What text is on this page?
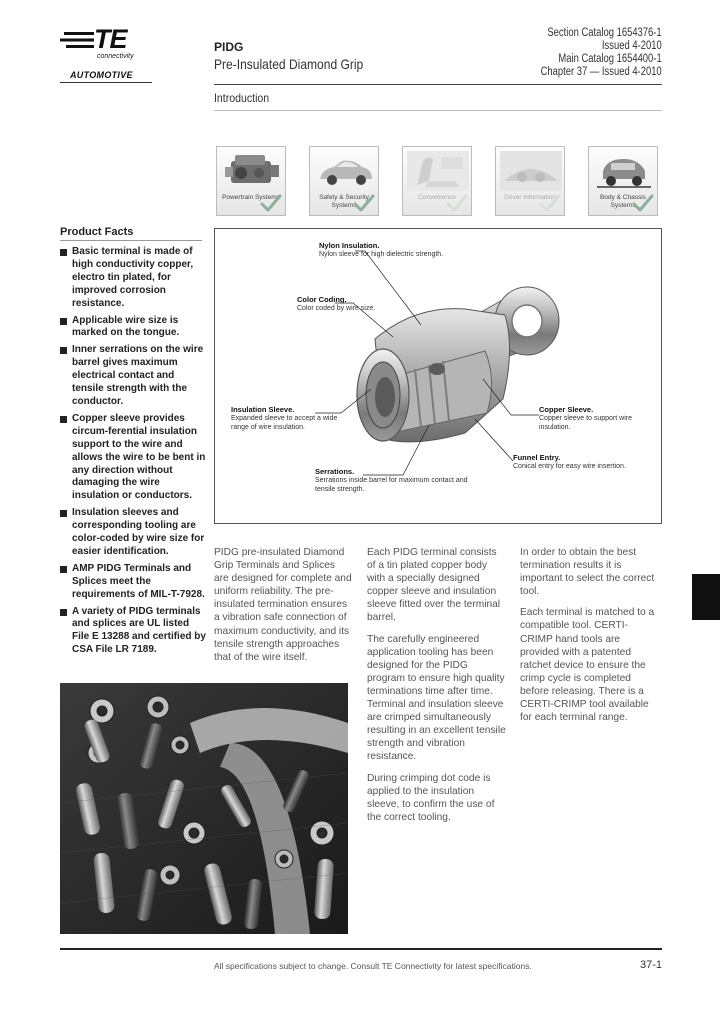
TE
connectivity
AUTOMOTIVE
PIDG
Pre-Insulated Diamond Grip
Section Catalog 1654376-1
Issued 4-2010
Main Catalog 1654400-1
Chapter 37 — Issued 4-2010
Introduction
Powertrain Systems	Safety & Security Systems
Convenience	Driver Information	Body & Chassis Systems
Product Facts
Basic terminal is made of high conductivity copper, electro tin plated, for improved corrosion resistance.
Applicable wire size is marked on the tongue.
Inner serrations on the wire barrel gives maximum electrical contact and tensile strength with the conductor.
Copper sleeve provides circum-ferential insulation support to the wire and allows the wire to be bent in any direction without damaging the wire insulation or conductors.
Insulation sleeves and corresponding tooling are color-coded by wire size for easier identification.
AMP PIDG Terminals and Splices meet the requirements of MIL-T-7928.
A variety of PIDG terminals and splices are UL listed File E 13288 and certified by CSA File LR 7189.
Nylon Insulation.
Nylon sleeve for high dielectric strength.
Color Coding.
Color coded by wire size.
Insulation Sleeve.
Expanded sleeve to accept a wide range of wire insulation.
Copper Sleeve.
Copper sleeve to support wire insulation.
Funnel Entry.
Conical entry for easy wire insertion.
Serrations.
Serrations inside barrel for maximum contact and tensile strength.

PIDG pre-insulated Diamond Grip Terminals and Splices are designed for complete and uniform reliability. The pre-insulated termination ensures a vibration safe connection of maximum conductivity, and its tensile strength approaches that of the wire itself.

Each PIDG terminal consists of a tin plated copper body with a specially designed copper sleeve and insulation sleeve fitted over the terminal barrel.

The carefully engineered application tooling has been designed for the PIDG program to ensure high quality terminations time after time. Terminal and insulation sleeve are crimped simultaneously resulting in an excellent tensile strength and vibration resistance.

During crimping dot code is applied to the insulation sleeve, to confirm the use of the correct tooling.

In order to obtain the best termination results it is important to select the correct tool.

Each terminal is matched to a compatible tool. CERTI-CRIMP hand tools are provided with a patented ratchet device to ensure the crimp cycle is completed before releasing. There is a CERTI-CRIMP tool available for each terminal range.

All specifications subject to change. Consult TE Connectivity for latest specifications.	37-1
